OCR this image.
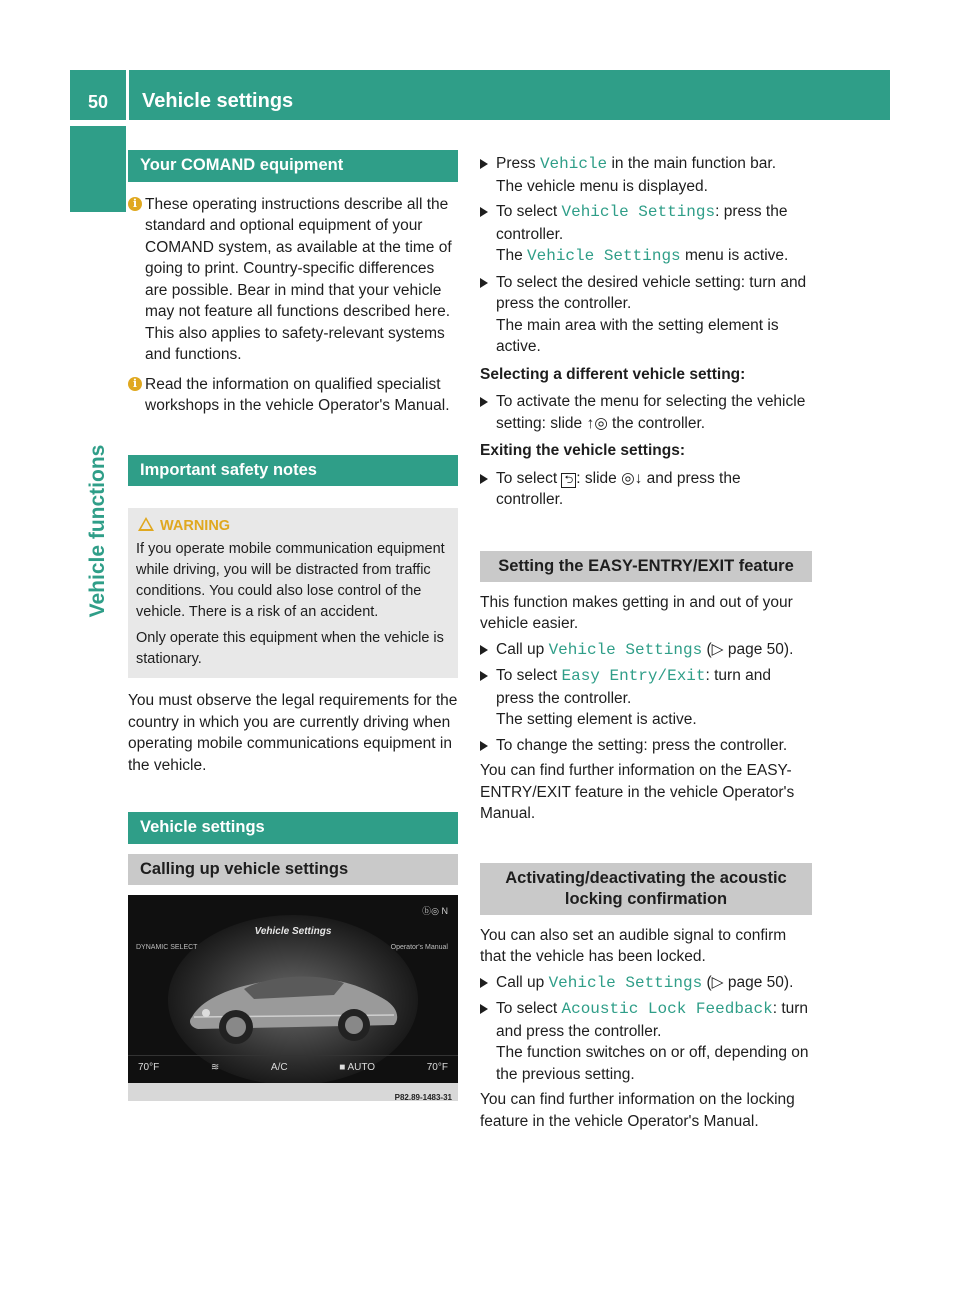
50 Vehicle settings
Vehicle functions
Your COMAND equipment
i These operating instructions describe all the standard and optional equipment of your COMAND system, as available at the time of going to print. Country-specific differences are possible. Bear in mind that your vehicle may not feature all functions described here. This also applies to safety-relevant systems and functions.
i Read the information on qualified specialist workshops in the vehicle Operator's Manual.
Important safety notes
WARNING

If you operate mobile communication equipment while driving, you will be distracted from traffic conditions. You could also lose control of the vehicle. There is a risk of an accident.

Only operate this equipment when the vehicle is stationary.

You must observe the legal requirements for the country in which you are currently driving when operating mobile communications equipment in the vehicle.

Vehicle settings
Calling up vehicle settings
ⓑ◎ N
Vehicle Settings
DYNAMIC SELECT	Operator's Manual
70°F	≋	A/C	■ AUTO	70°F
P82.89-1483-31
Press Vehicle in the main function bar.
The vehicle menu is displayed.
To select Vehicle Settings: press the controller.
The Vehicle Settings menu is active.
To select the desired vehicle setting: turn and press the controller.
The main area with the setting element is active.
Selecting a different vehicle setting:
To activate the menu for selecting the vehicle setting: slide ↑◎ the controller.
Exiting the vehicle settings:
To select ⮌ : slide ◎↓ and press the controller.
Setting the EASY-ENTRY/EXIT feature

This function makes getting in and out of your vehicle easier.

Call up Vehicle Settings (▷ page 50).
To select Easy Entry/Exit: turn and press the controller.
The setting element is active.
To change the setting: press the controller.

You can find further information on the EASY-ENTRY/EXIT feature in the vehicle Operator's Manual.

Activating/deactivating the acoustic locking confirmation

You can also set an audible signal to confirm that the vehicle has been locked.

Call up Vehicle Settings (▷ page 50).
To select Acoustic Lock Feedback: turn and press the controller.
The function switches on or off, depending on the previous setting.

You can find further information on the locking feature in the vehicle Operator's Manual.
